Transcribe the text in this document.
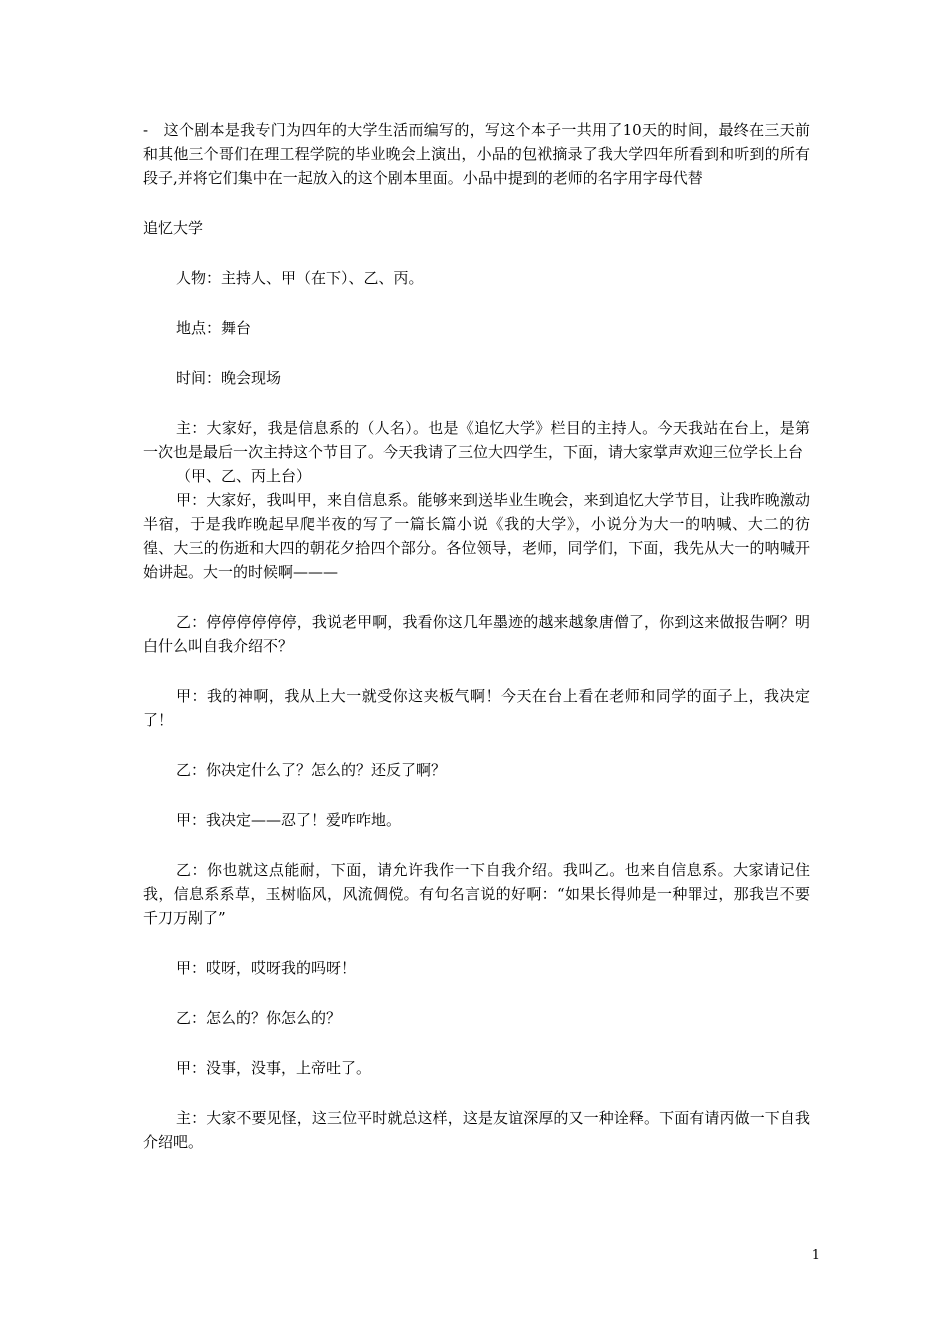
-　这个剧本是我专门为四年的大学生活而编写的，写这个本子一共用了10天的时间，最终在三天前和其他三个哥们在理工程学院的毕业晚会上演出，小品的包袱摘录了我大学四年所看到和听到的所有段子,并将它们集中在一起放入的这个剧本里面。小品中提到的老师的名字用字母代替

追忆大学

人物：主持人、甲（在下）、乙、丙。

地点：舞台

时间：晚会现场

主：大家好，我是信息系的（人名）。也是《追忆大学》栏目的主持人。今天我站在台上，是第一次也是最后一次主持这个节目了。今天我请了三位大四学生，下面，请大家掌声欢迎三位学长上台

（甲、乙、丙上台）

甲：大家好，我叫甲，来自信息系。能够来到送毕业生晚会，来到追忆大学节目，让我昨晚激动半宿，于是我昨晚起早爬半夜的写了一篇长篇小说《我的大学》，小说分为大一的呐喊、大二的彷徨、大三的伤逝和大四的朝花夕拾四个部分。各位领导，老师，同学们，下面，我先从大一的呐喊开始讲起。大一的时候啊———

乙：停停停停停停，我说老甲啊，我看你这几年墨迹的越来越象唐僧了，你到这来做报告啊？明白什么叫自我介绍不？

甲：我的神啊，我从上大一就受你这夹板气啊！今天在台上看在老师和同学的面子上，我决定了！

乙：你决定什么了？怎么的？还反了啊？

甲：我决定——忍了！爱咋咋地。

乙：你也就这点能耐，下面，请允许我作一下自我介绍。我叫乙。也来自信息系。大家请记住我，信息系系草，玉树临风，风流倜傥。有句名言说的好啊：“如果长得帅是一种罪过，那我岂不要千刀万剐了”

甲：哎呀，哎呀我的吗呀！

乙：怎么的？你怎么的？

甲：没事，没事，上帝吐了。

主：大家不要见怪，这三位平时就总这样，这是友谊深厚的又一种诠释。下面有请丙做一下自我介绍吧。

1
